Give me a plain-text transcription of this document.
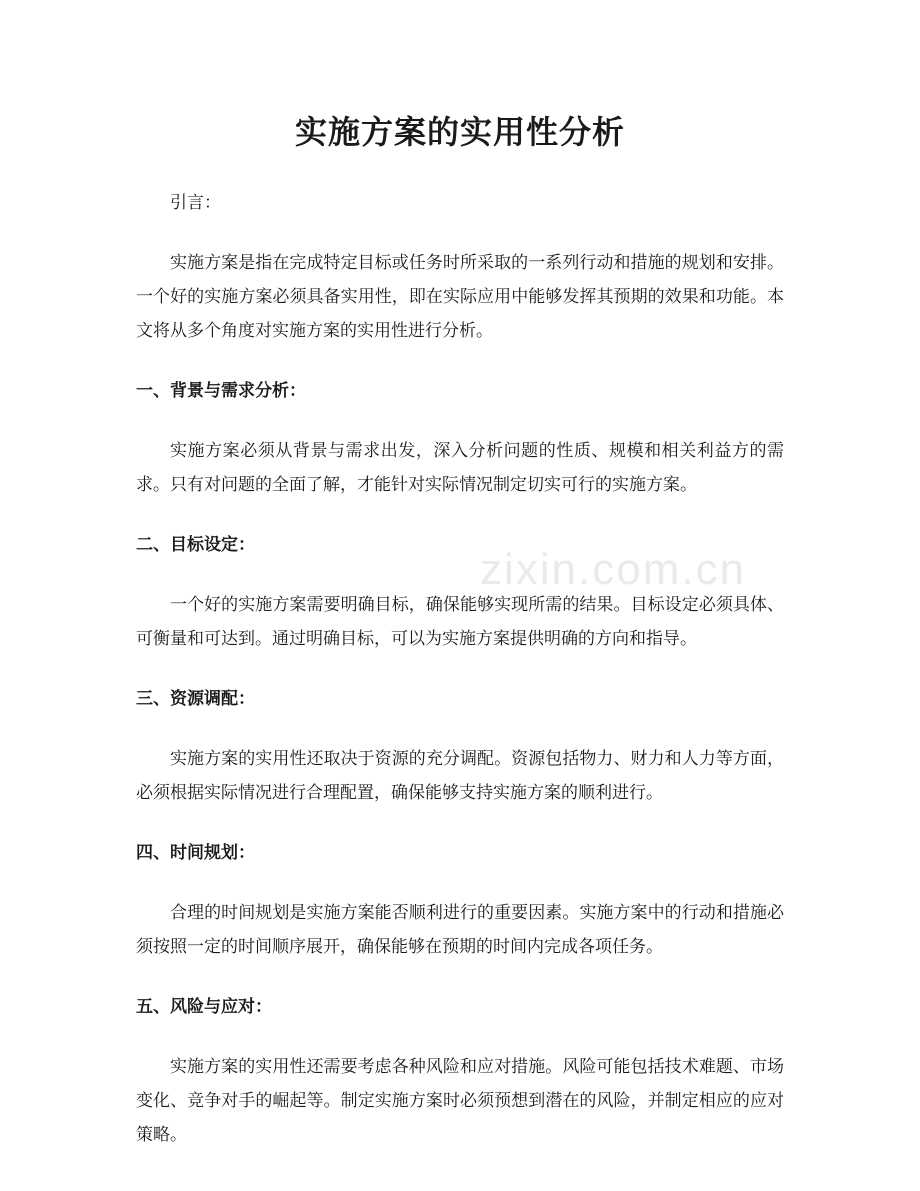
实施方案的实用性分析

引言：

实施方案是指在完成特定目标或任务时所采取的一系列行动和措施的规划和安排。一个好的实施方案必须具备实用性，即在实际应用中能够发挥其预期的效果和功能。本文将从多个角度对实施方案的实用性进行分析。

一、背景与需求分析：

实施方案必须从背景与需求出发，深入分析问题的性质、规模和相关利益方的需求。只有对问题的全面了解，才能针对实际情况制定切实可行的实施方案。

二、目标设定：

一个好的实施方案需要明确目标，确保能够实现所需的结果。目标设定必须具体、可衡量和可达到。通过明确目标，可以为实施方案提供明确的方向和指导。

三、资源调配：

实施方案的实用性还取决于资源的充分调配。资源包括物力、财力和人力等方面，必须根据实际情况进行合理配置，确保能够支持实施方案的顺利进行。

四、时间规划：

合理的时间规划是实施方案能否顺利进行的重要因素。实施方案中的行动和措施必须按照一定的时间顺序展开，确保能够在预期的时间内完成各项任务。

五、风险与应对：

实施方案的实用性还需要考虑各种风险和应对措施。风险可能包括技术难题、市场变化、竞争对手的崛起等。制定实施方案时必须预想到潜在的风险，并制定相应的应对策略。

zixin.com.cn
